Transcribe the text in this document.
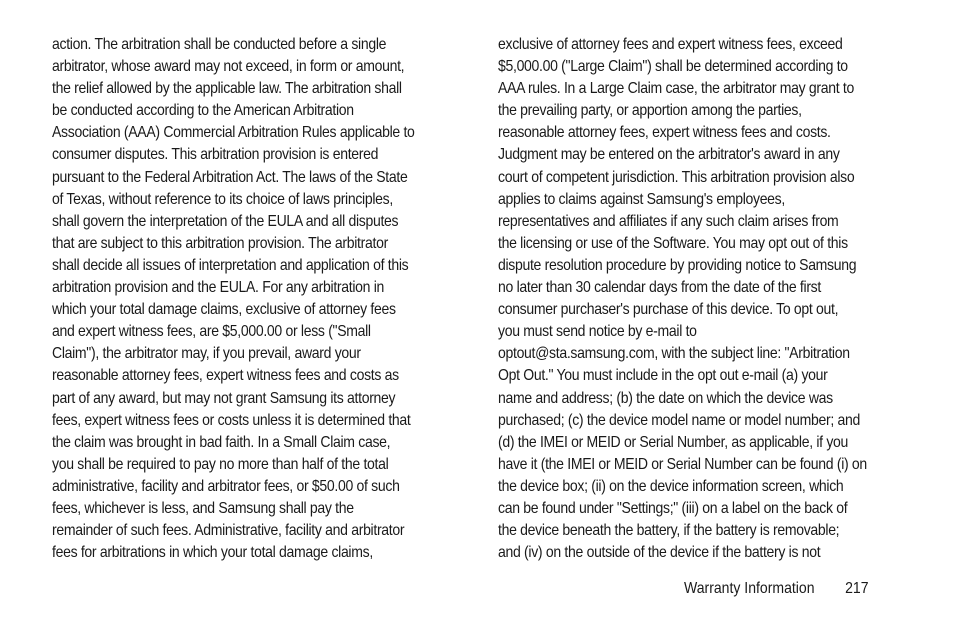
action. The arbitration shall be conducted before a single
arbitrator, whose award may not exceed, in form or amount,
the relief allowed by the applicable law. The arbitration shall
be conducted according to the American Arbitration
Association (AAA) Commercial Arbitration Rules applicable to
consumer disputes. This arbitration provision is entered
pursuant to the Federal Arbitration Act. The laws of the State
of Texas, without reference to its choice of laws principles,
shall govern the interpretation of the EULA and all disputes
that are subject to this arbitration provision. The arbitrator
shall decide all issues of interpretation and application of this
arbitration provision and the EULA. For any arbitration in
which your total damage claims, exclusive of attorney fees
and expert witness fees, are $5,000.00 or less ("Small
Claim"), the arbitrator may, if you prevail, award your
reasonable attorney fees, expert witness fees and costs as
part of any award, but may not grant Samsung its attorney
fees, expert witness fees or costs unless it is determined that
the claim was brought in bad faith. In a Small Claim case,
you shall be required to pay no more than half of the total
administrative, facility and arbitrator fees, or $50.00 of such
fees, whichever is less, and Samsung shall pay the
remainder of such fees. Administrative, facility and arbitrator
fees for arbitrations in which your total damage claims,
exclusive of attorney fees and expert witness fees, exceed
$5,000.00 ("Large Claim") shall be determined according to
AAA rules. In a Large Claim case, the arbitrator may grant to
the prevailing party, or apportion among the parties,
reasonable attorney fees, expert witness fees and costs.
Judgment may be entered on the arbitrator's award in any
court of competent jurisdiction. This arbitration provision also
applies to claims against Samsung's employees,
representatives and affiliates if any such claim arises from
the licensing or use of the Software. You may opt out of this
dispute resolution procedure by providing notice to Samsung
no later than 30 calendar days from the date of the first
consumer purchaser's purchase of this device. To opt out,
you must send notice by e-mail to
optout@sta.samsung.com, with the subject line: "Arbitration
Opt Out." You must include in the opt out e-mail (a) your
name and address; (b) the date on which the device was
purchased; (c) the device model name or model number; and
(d) the IMEI or MEID or Serial Number, as applicable, if you
have it (the IMEI or MEID or Serial Number can be found (i) on
the device box; (ii) on the device information screen, which
can be found under "Settings;" (iii) on a label on the back of
the device beneath the battery, if the battery is removable;
and (iv) on the outside of the device if the battery is not
Warranty Information 217
